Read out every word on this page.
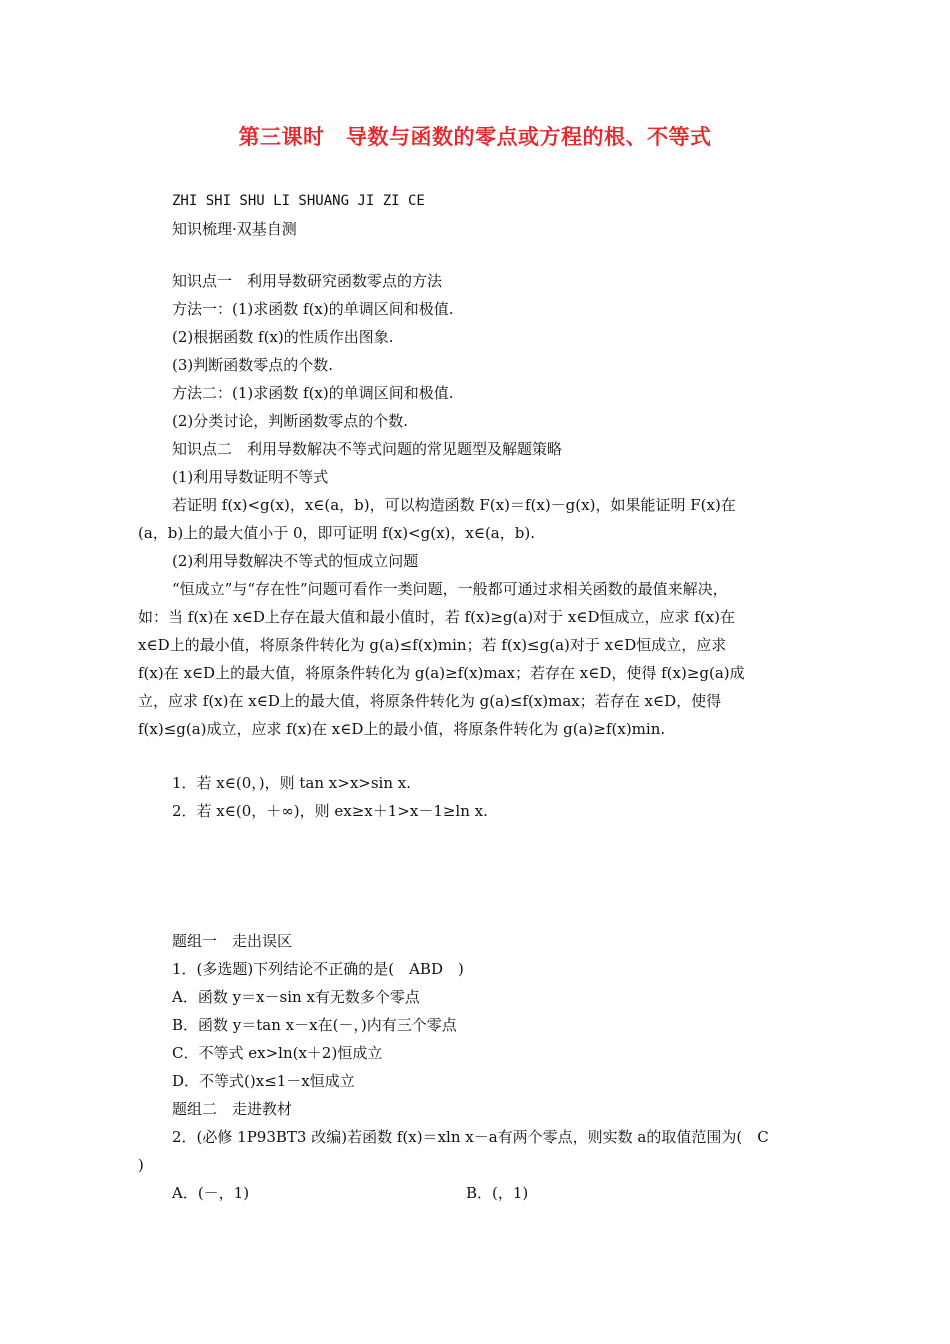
第三课时　导数与函数的零点或方程的根、不等式
ZHI SHI SHU LI SHUANG JI ZI CE
知识梳理·双基自测
知识点一　利用导数研究函数零点的方法
方法一：(1)求函数 f(x)的单调区间和极值.
(2)根据函数 f(x)的性质作出图象.
(3)判断函数零点的个数.
方法二：(1)求函数 f(x)的单调区间和极值.
(2)分类讨论，判断函数零点的个数.
知识点二　利用导数解决不等式问题的常见题型及解题策略
(1)利用导数证明不等式
若证明 f(x)<g(x)，x∈(a，b)，可以构造函数 F(x)＝f(x)－g(x)，如果能证明 F(x)在
(a，b)上的最大值小于 0，即可证明 f(x)<g(x)，x∈(a，b).
(2)利用导数解决不等式的恒成立问题
“恒成立”与“存在性”问题可看作一类问题，一般都可通过求相关函数的最值来解决，
如：当 f(x)在 x∈D上存在最大值和最小值时，若 f(x)≥g(a)对于 x∈D恒成立，应求 f(x)在
x∈D上的最小值，将原条件转化为 g(a)≤f(x)min；若 f(x)≤g(a)对于 x∈D恒成立，应求
f(x)在 x∈D上的最大值，将原条件转化为 g(a)≥f(x)max；若存在 x∈D，使得 f(x)≥g(a)成
立，应求 f(x)在 x∈D上的最大值，将原条件转化为 g(a)≤f(x)max；若存在 x∈D，使得
f(x)≤g(a)成立，应求 f(x)在 x∈D上的最小值，将原条件转化为 g(a)≥f(x)min.
1．若 x∈(0，)，则 tan x>x>sin x.
2．若 x∈(0，＋∞)，则 ex≥x＋1>x－1≥ln x.
题组一　走出误区
1．(多选题)下列结论不正确的是(　ABD　)
A．函数 y＝x－sin x有无数多个零点
B．函数 y＝tan x－x在(－，)内有三个零点
C．不等式 ex>ln(x＋2)恒成立
D．不等式()x≤1－x恒成立
题组二　走进教材
2．(必修 1P93BT3 改编)若函数 f(x)＝xln x－a有两个零点，则实数 a的取值范围为(　C
)
A．(－，1)	B．(，1)
